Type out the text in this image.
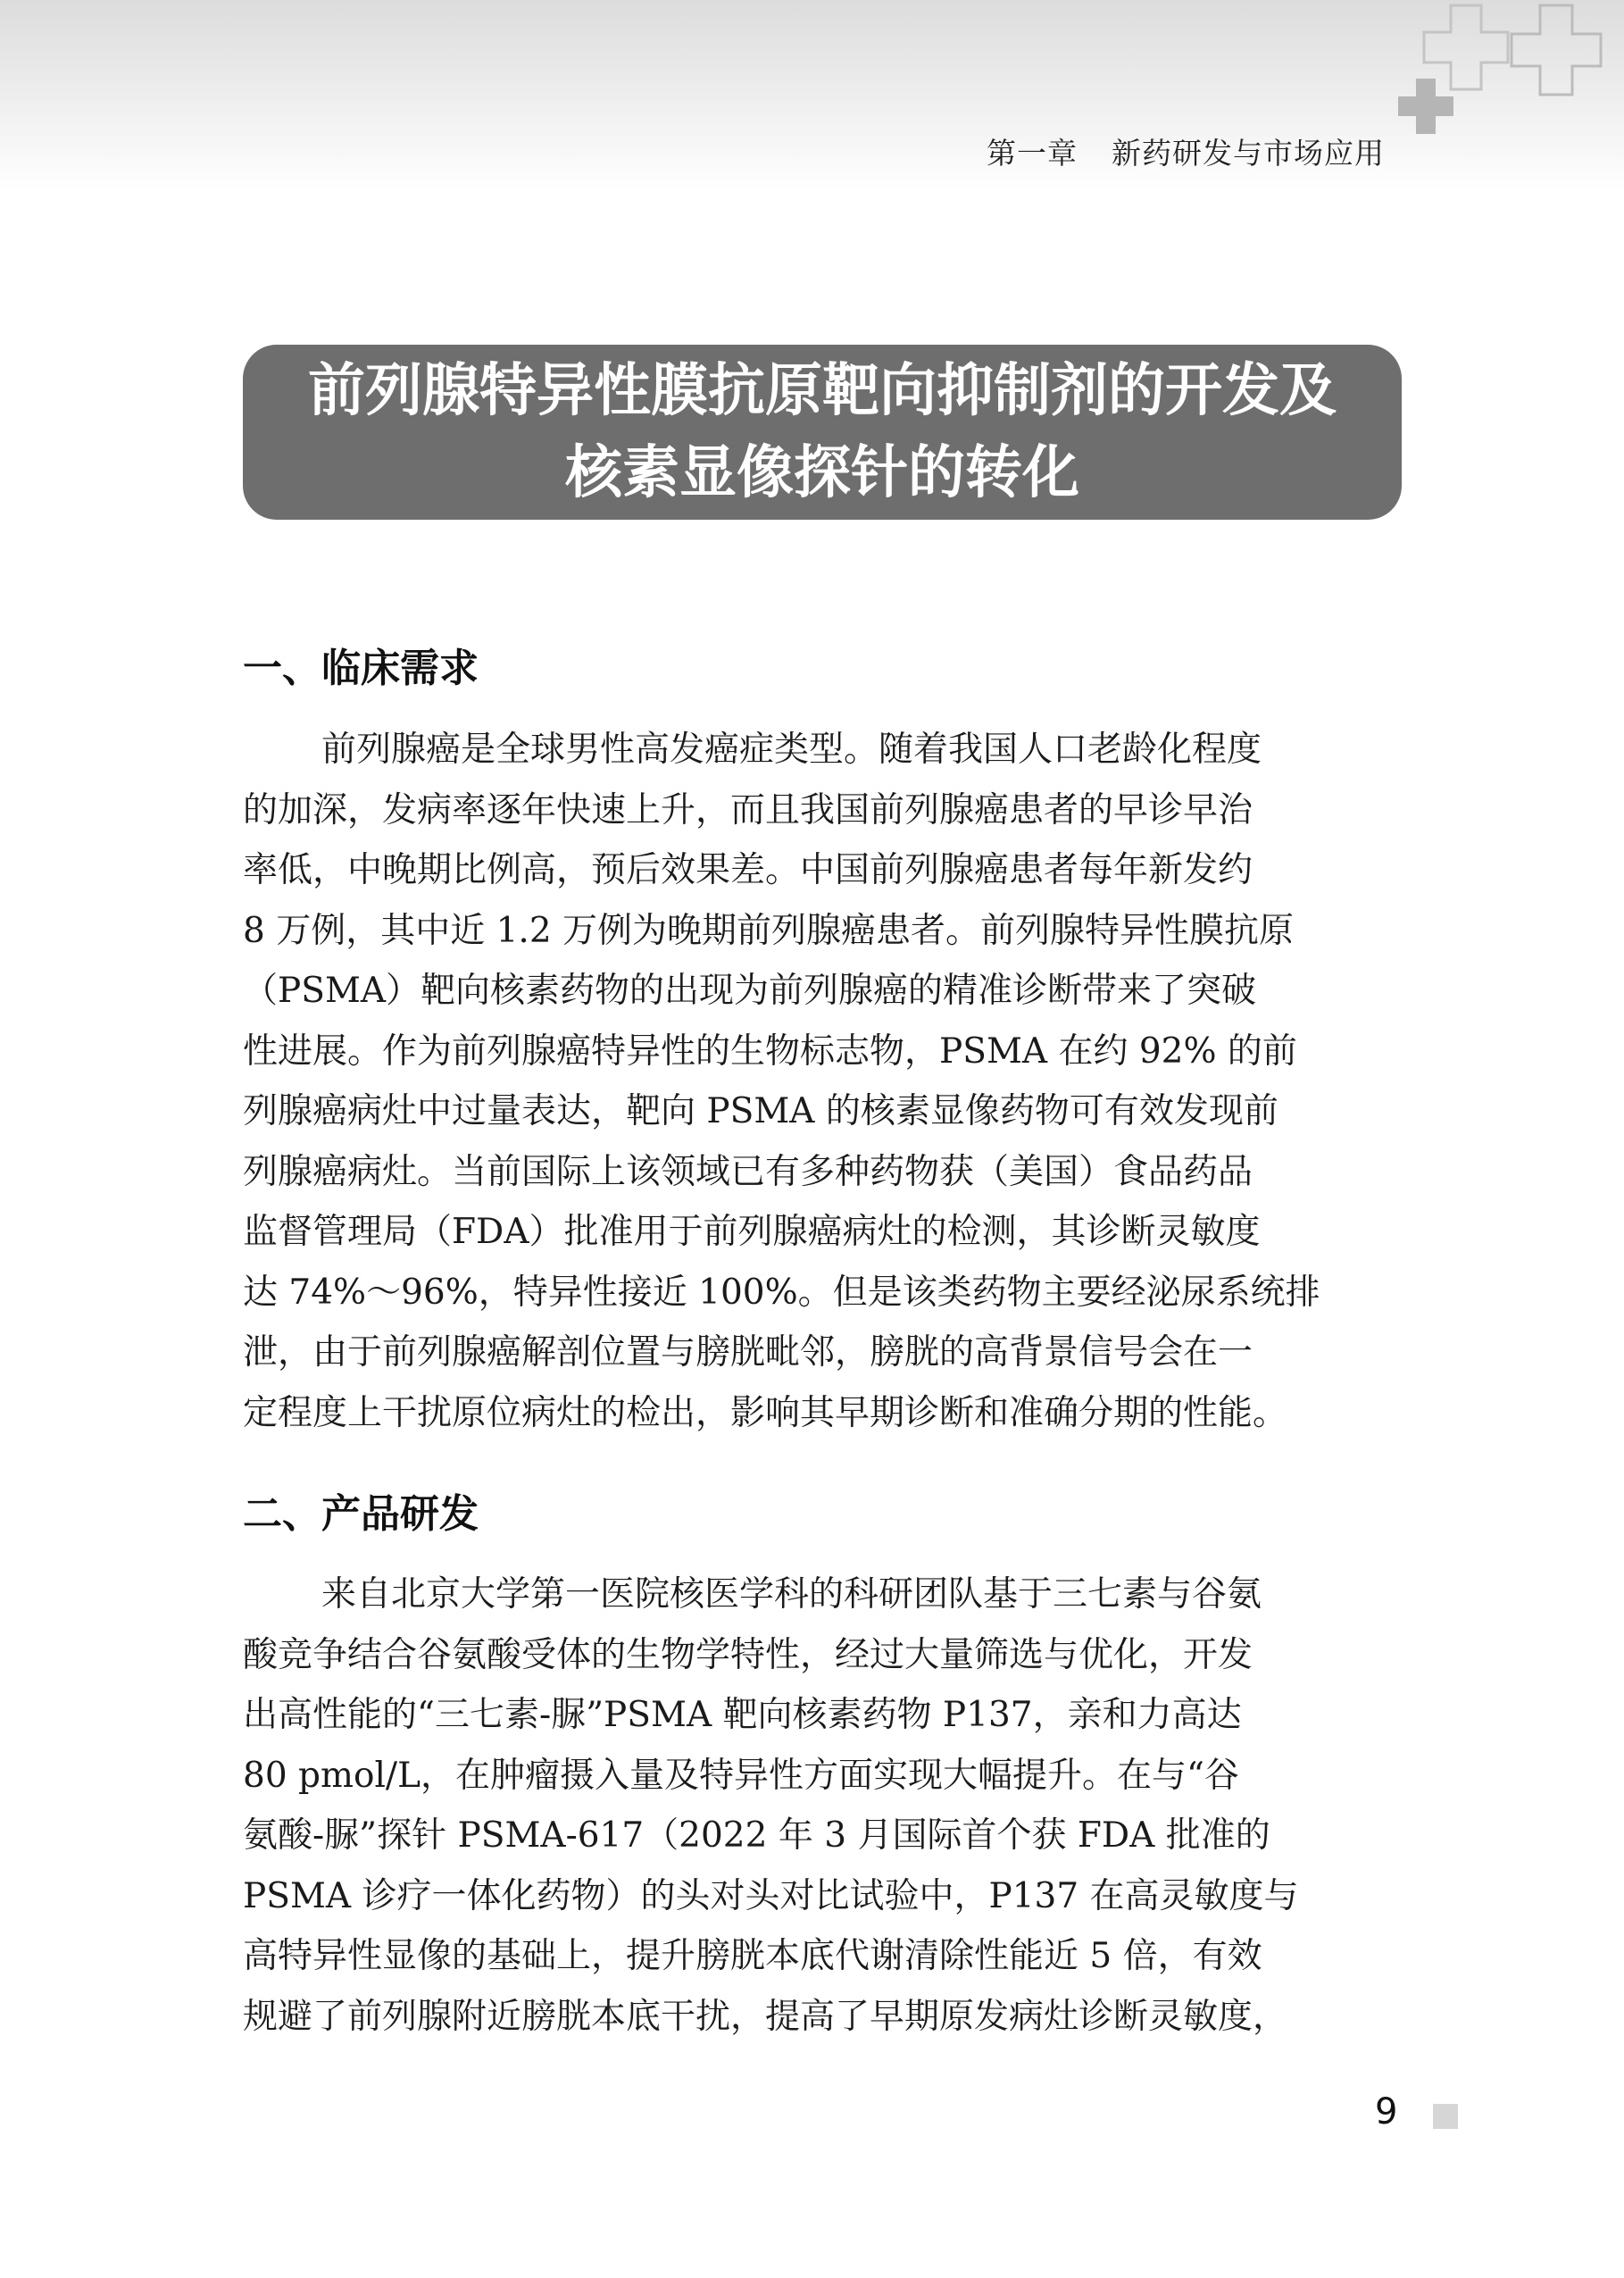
第一章 新药研发与市场应用
前列腺特异性膜抗原靶向抑制剂的开发及
核素显像探针的转化
一、临床需求
前列腺癌是全球男性高发癌症类型。随着我国人口老龄化程度
的加深，发病率逐年快速上升，而且我国前列腺癌患者的早诊早治
率低，中晚期比例高，预后效果差。中国前列腺癌患者每年新发约
8 万例，其中近 1.2 万例为晚期前列腺癌患者。前列腺特异性膜抗原
（PSMA）靶向核素药物的出现为前列腺癌的精准诊断带来了突破
性进展。作为前列腺癌特异性的生物标志物，PSMA 在约 92% 的前
列腺癌病灶中过量表达，靶向 PSMA 的核素显像药物可有效发现前
列腺癌病灶。当前国际上该领域已有多种药物获（美国）食品药品
监督管理局（FDA）批准用于前列腺癌病灶的检测，其诊断灵敏度
达 74%～96%，特异性接近 100%。但是该类药物主要经泌尿系统排
泄，由于前列腺癌解剖位置与膀胱毗邻，膀胱的高背景信号会在一
定程度上干扰原位病灶的检出，影响其早期诊断和准确分期的性能。
二、产品研发
来自北京大学第一医院核医学科的科研团队基于三七素与谷氨
酸竞争结合谷氨酸受体的生物学特性，经过大量筛选与优化，开发
出高性能的“三七素-脲”PSMA 靶向核素药物 P137，亲和力高达
80 pmol/L，在肿瘤摄入量及特异性方面实现大幅提升。在与“谷
氨酸-脲”探针 PSMA-617（2022 年 3 月国际首个获 FDA 批准的
PSMA 诊疗一体化药物）的头对头对比试验中，P137 在高灵敏度与
高特异性显像的基础上，提升膀胱本底代谢清除性能近 5 倍，有效
规避了前列腺附近膀胱本底干扰，提高了早期原发病灶诊断灵敏度，
9
